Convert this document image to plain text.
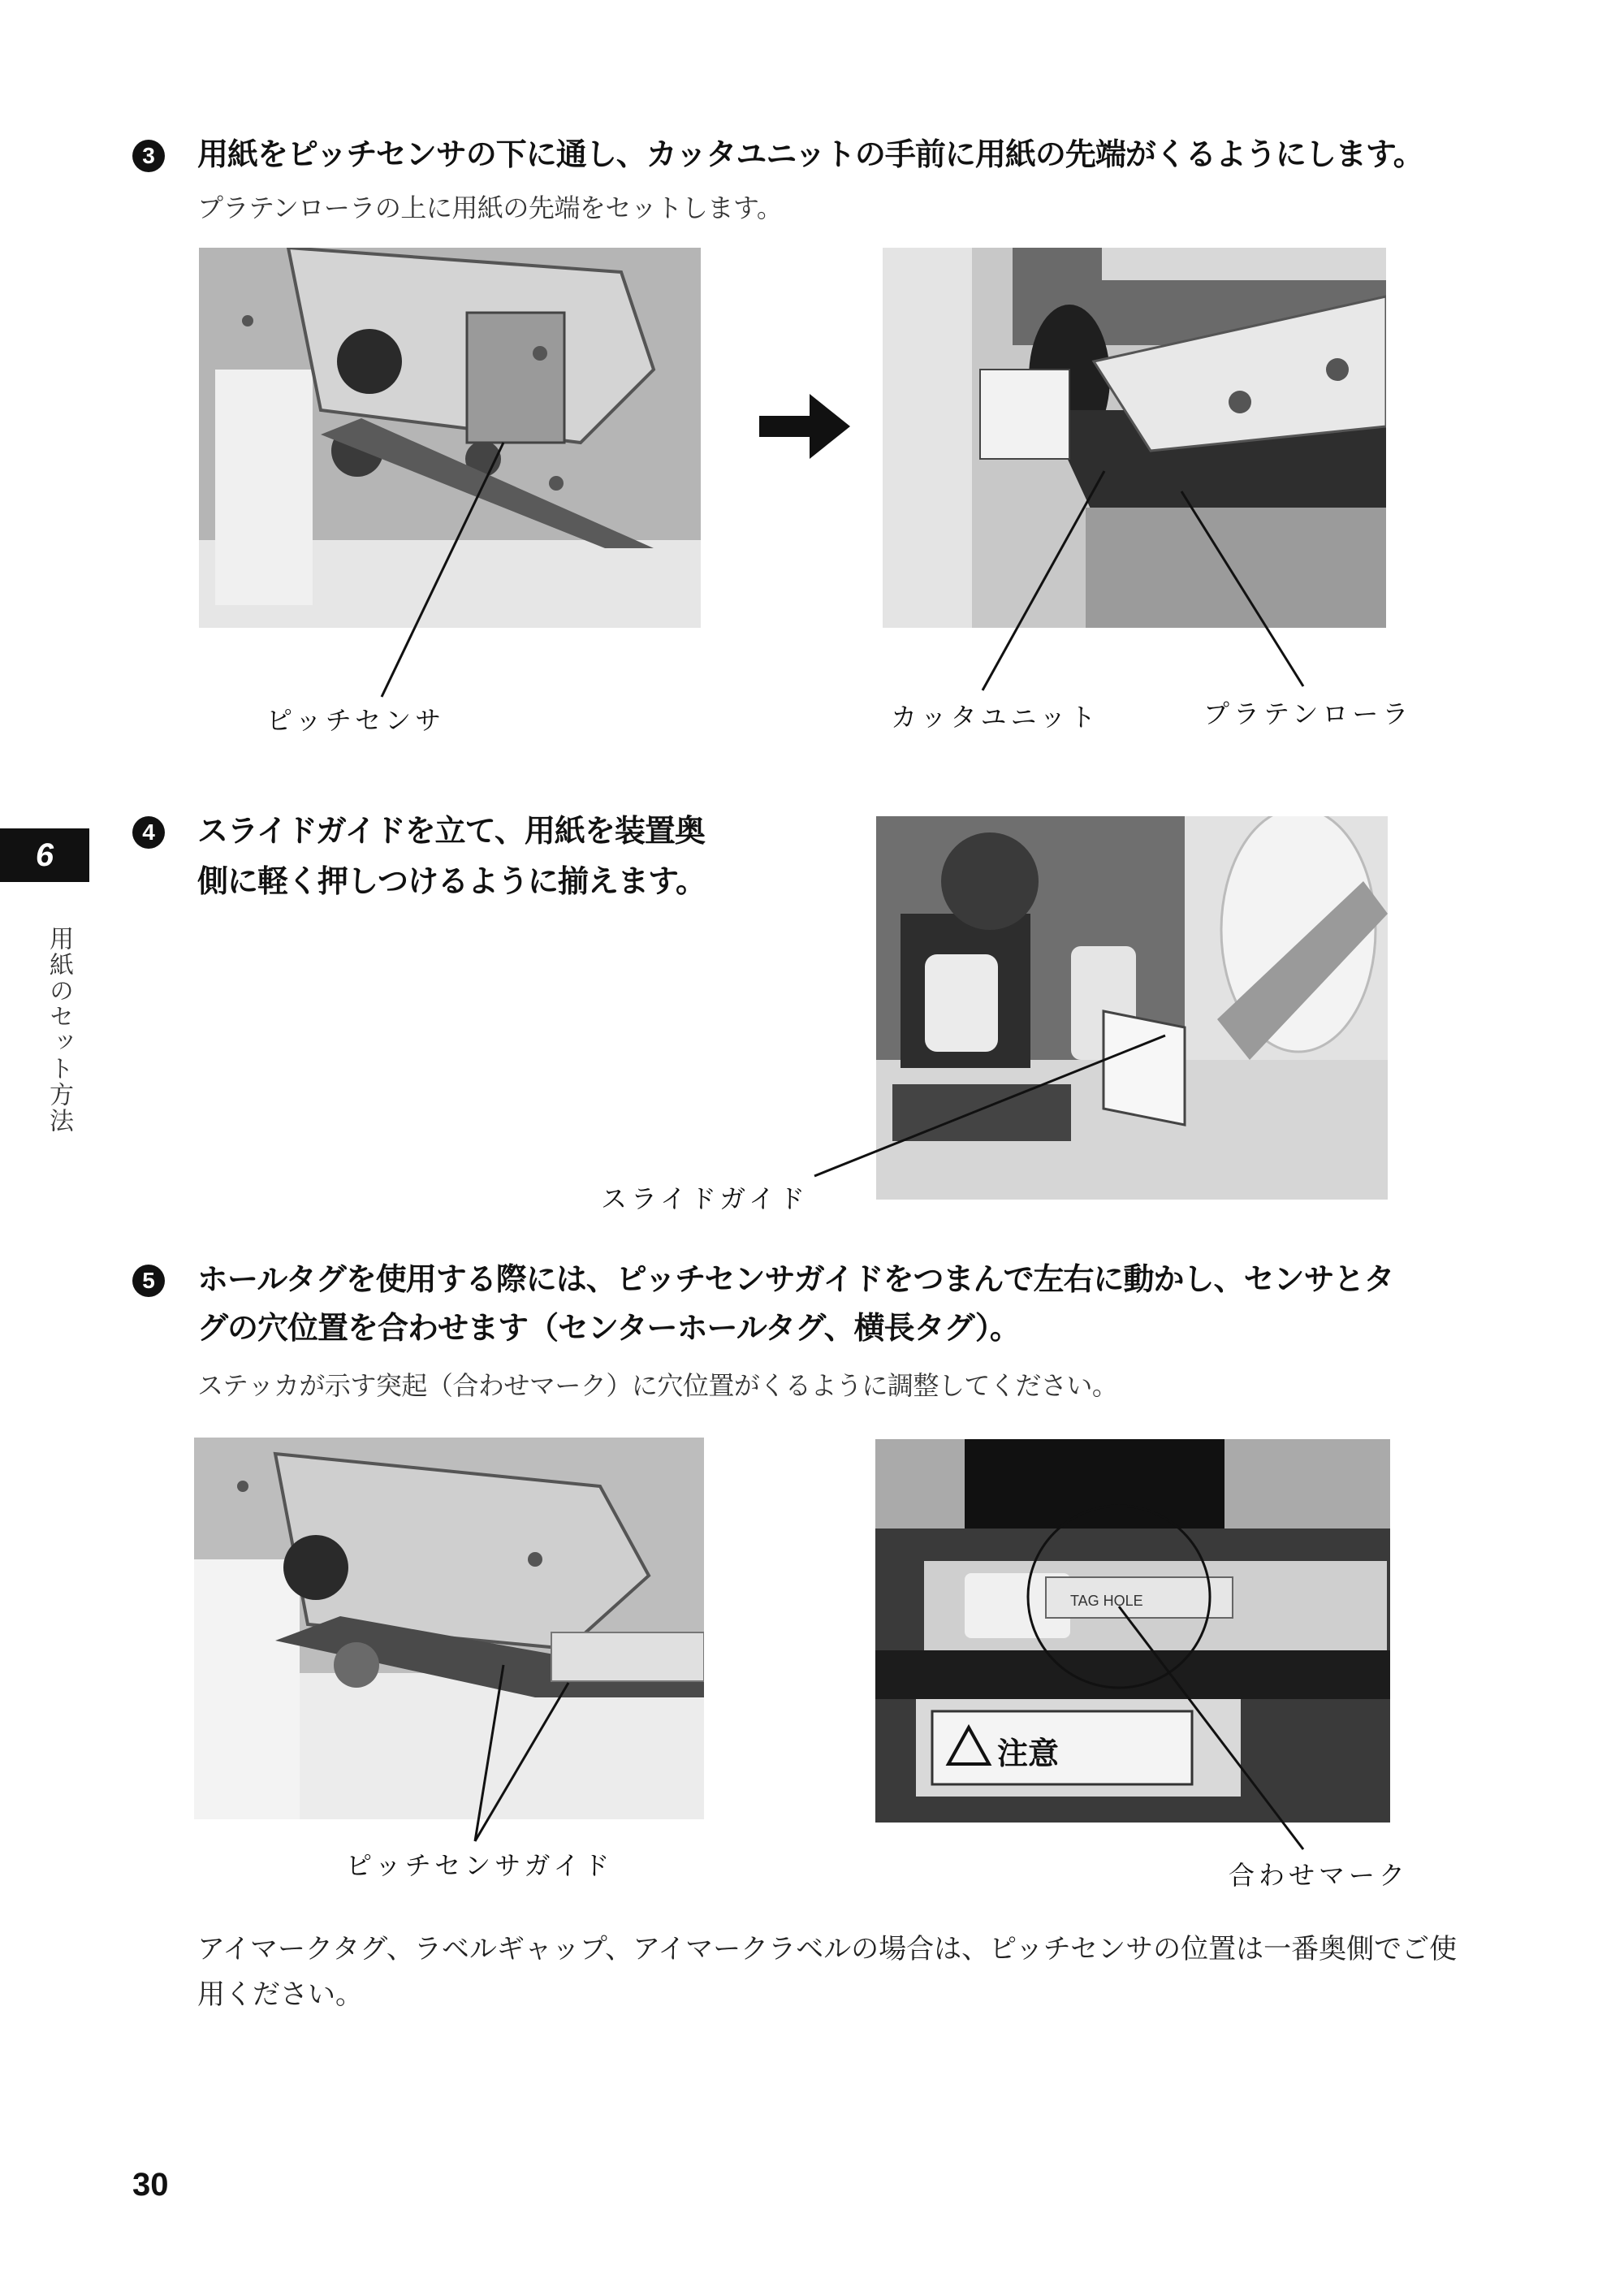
3 用紙をピッチセンサの下に通し、カッタユニットの手前に用紙の先端がくるようにします。
プラテンローラの上に用紙の先端をセットします。
ピッチセンサ	カッタユニット	プラテンローラ
6
用紙のセット方法
4 スライドガイドを立て、用紙を装置奥
側に軽く押しつけるように揃えます。
スライドガイド
5 ホールタグを使用する際には、ピッチセンサガイドをつまんで左右に動かし、センサとタ
グの穴位置を合わせます（センターホールタグ、横長タグ）。
ステッカが示す突起（合わせマーク）に穴位置がくるように調整してください。
TAG HOLE
注意
ピッチセンサガイド	合わせマーク
アイマークタグ、ラベルギャップ、アイマークラベルの場合は、ピッチセンサの位置は一番奥側でご使用ください。
30
